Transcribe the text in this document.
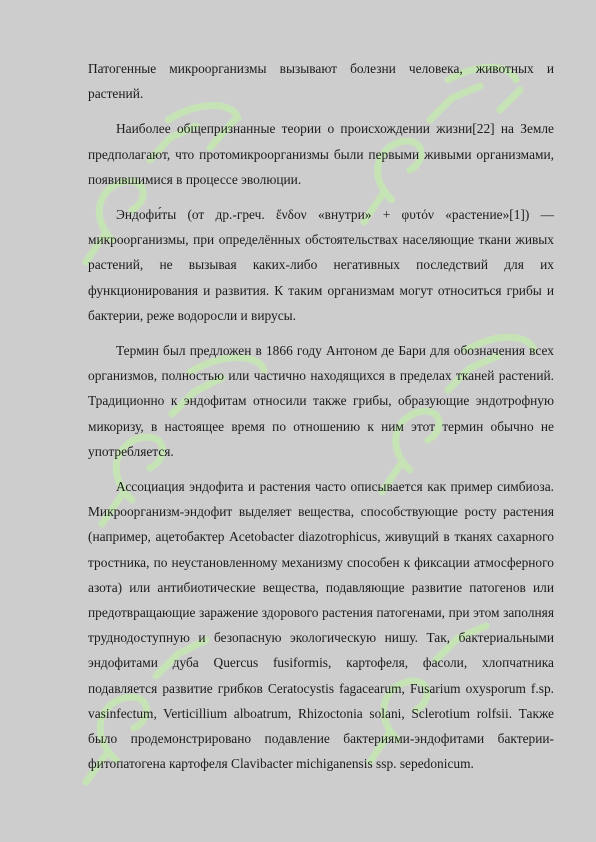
Патогенные микроорганизмы вызывают болезни человека, животных и растений.

Наиболее общепризнанные теории о происхождении жизни[22] на Земле предполагают, что протомикроорганизмы были первыми живыми организмами, появившимися в процессе эволюции.

Эндофи́ты (от др.-греч. ἔνδον «внутри» + φυτόν «растение»[1]) — микроорганизмы, при определённых обстоятельствах населяющие ткани живых растений, не вызывая каких-либо негативных последствий для их функционирования и развития. К таким организмам могут относиться грибы и бактерии, реже водоросли и вирусы.

Термин был предложен в 1866 году Антоном де Бари для обозначения всех организмов, полностью или частично находящихся в пределах тканей растений. Традиционно к эндофитам относили также грибы, образующие эндотрофную микоризу, в настоящее время по отношению к ним этот термин обычно не употребляется.

Ассоциация эндофита и растения часто описывается как пример симбиоза. Микроорганизм-эндофит выделяет вещества, способствующие росту растения (например, ацетобактер Acetobacter diazotrophicus, живущий в тканях сахарного тростника, по неустановленному механизму способен к фиксации атмосферного азота) или антибиотические вещества, подавляющие развитие патогенов или предотвращающие заражение здорового растения патогенами, при этом заполняя труднодоступную и безопасную экологическую нишу. Так, бактериальными эндофитами дуба Quercus fusiformis, картофеля, фасоли, хлопчатника подавляется развитие грибков Ceratocystis fagacearum, Fusarium oxysporum f.sp. vasinfectum, Verticillium alboatrum, Rhizoctonia solani, Sclerotium rolfsii. Также было продемонстрировано подавление бактериями-эндофитами бактерии-фитопатогена картофеля Clavibacter michiganensis ssp. sepedonicum.
